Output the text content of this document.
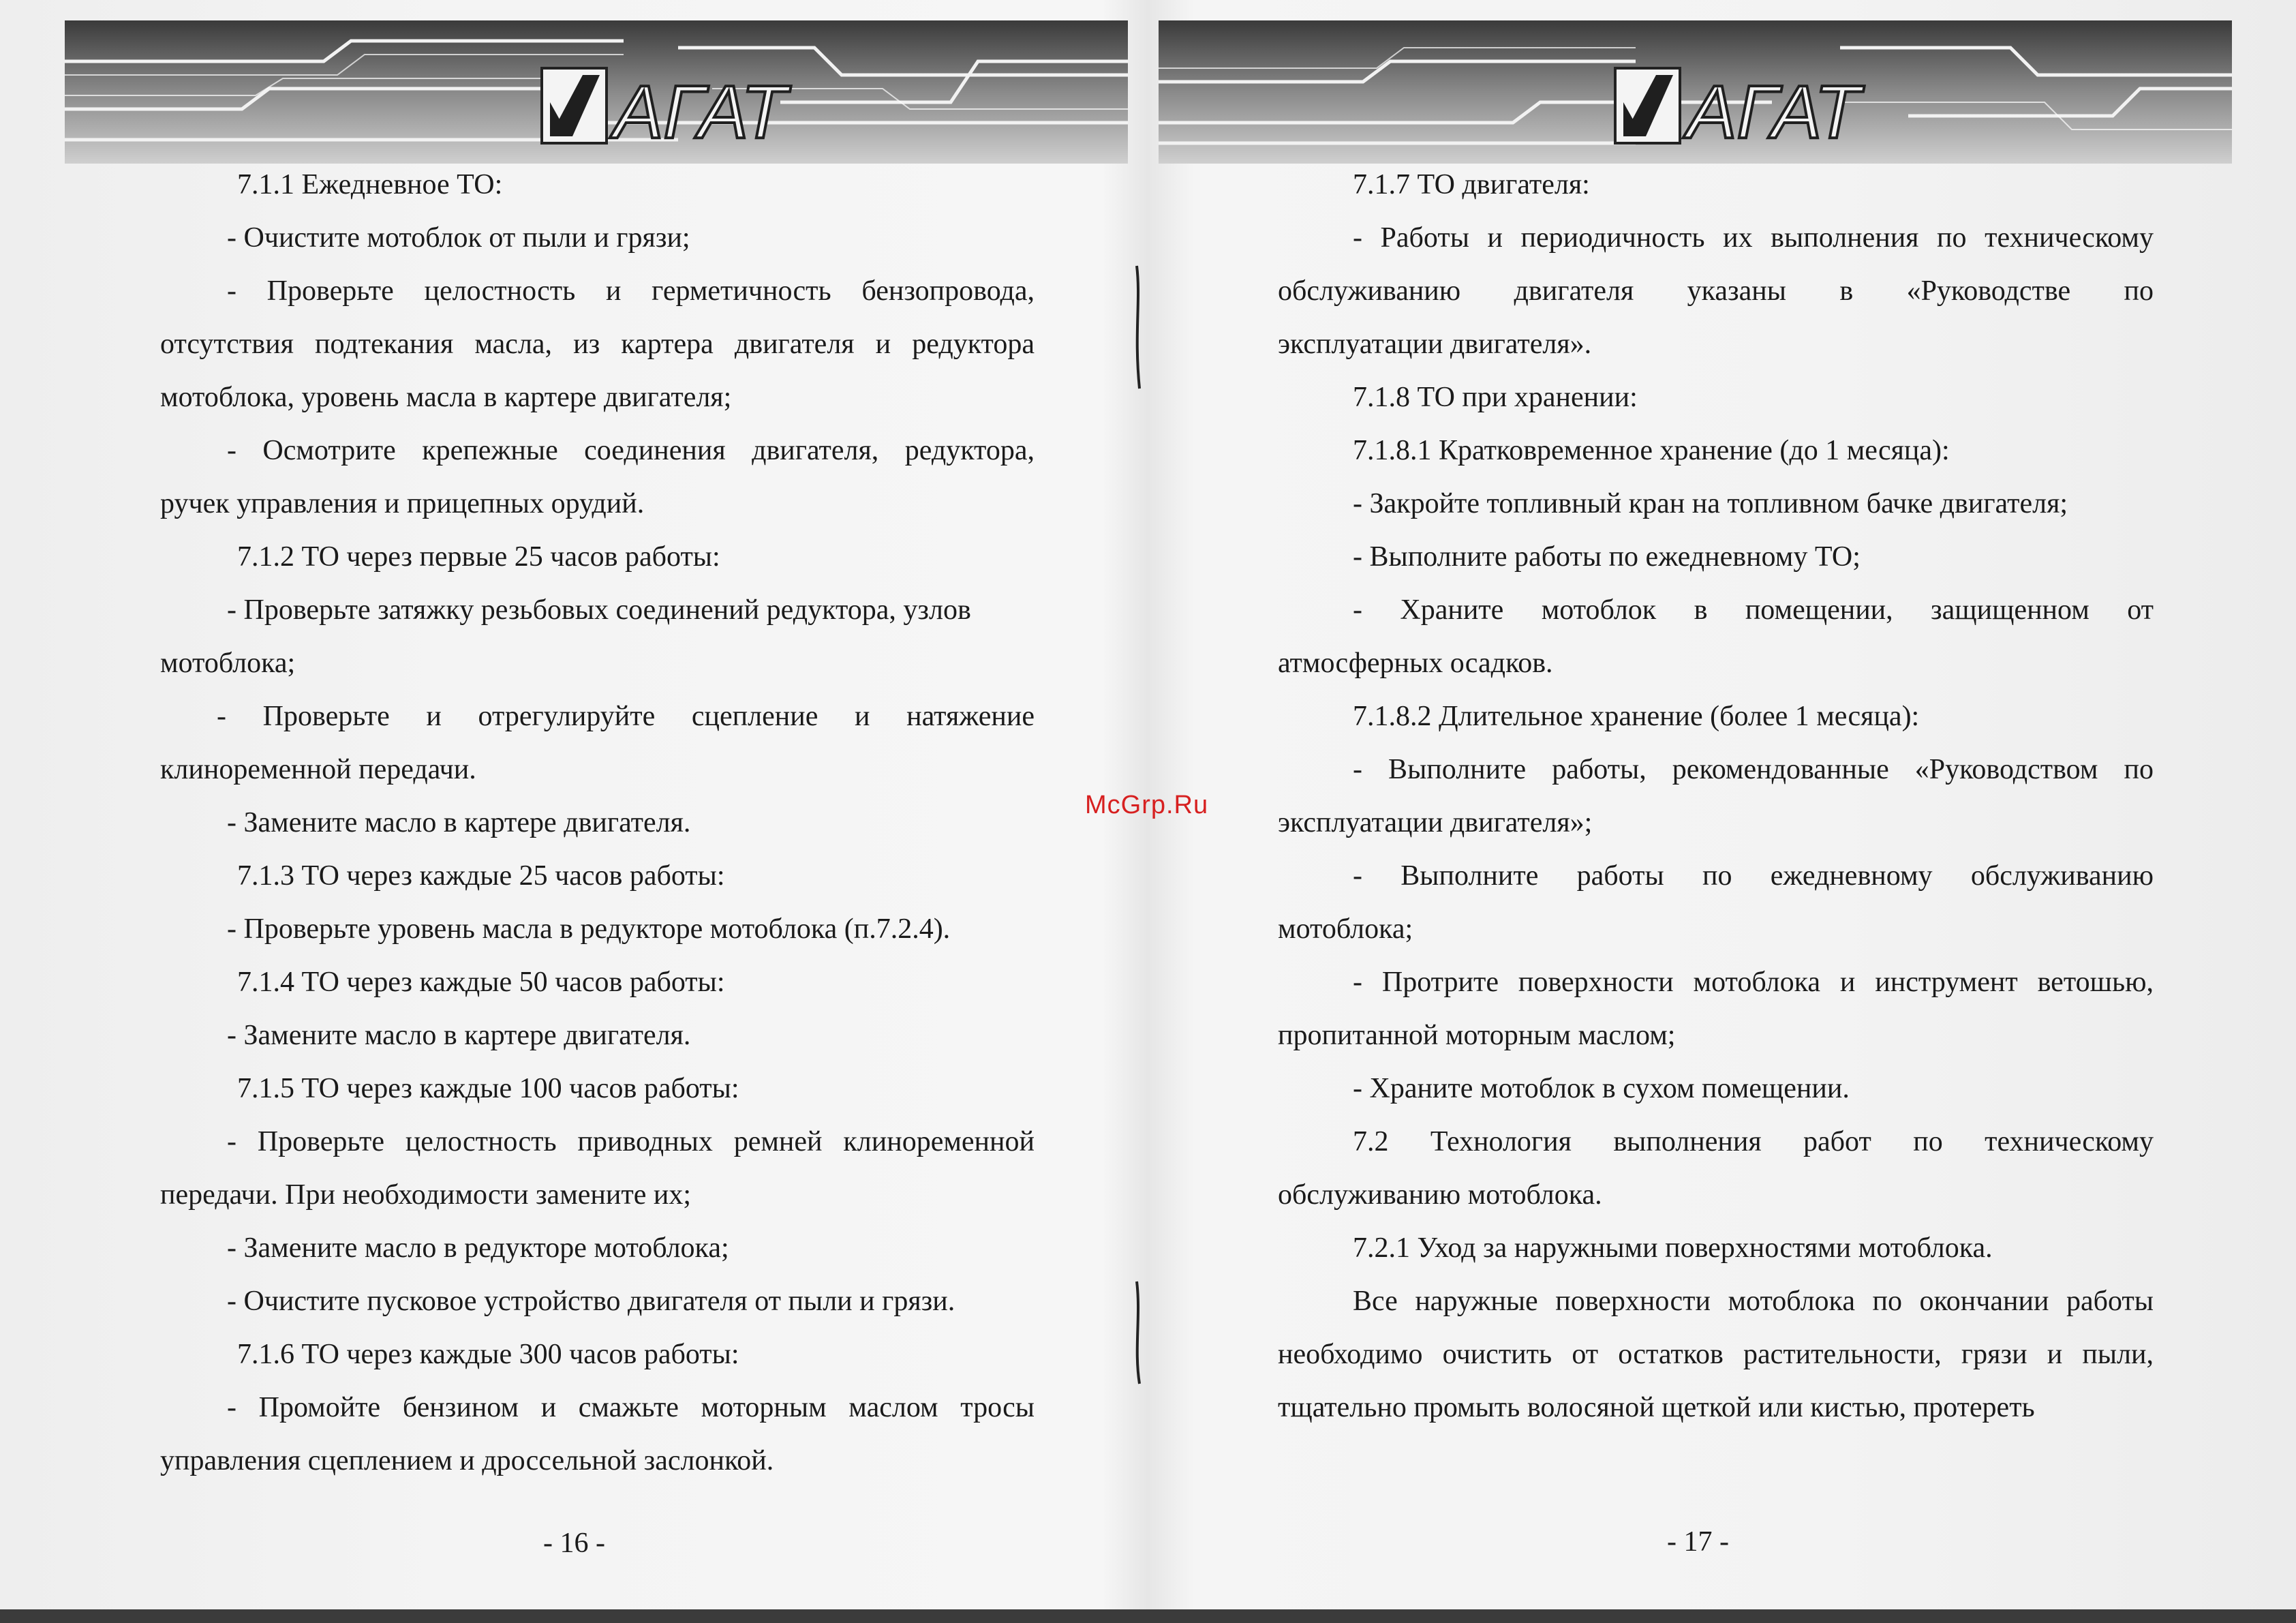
АГАТ	АГАТ
7.1.1 Ежедневное ТО:
- Очистите мотоблок от пыли и грязи;
- Проверьте целостность и герметичность бензопровода,
отсутствия подтекания масла, из картера двигателя и редуктора
мотоблока, уровень масла в картере двигателя;
- Осмотрите крепежные соединения двигателя, редуктора,
ручек управления и прицепных орудий.
7.1.2 ТО через первые 25 часов работы:
- Проверьте затяжку резьбовых соединений редуктора, узлов
мотоблока;
- Проверьте и отрегулируйте сцепление и натяжение
клиноременной передачи.
- Замените масло в картере двигателя.
7.1.3 ТО через каждые 25 часов работы:
- Проверьте уровень масла в редукторе мотоблока (п.7.2.4).
7.1.4 ТО через каждые 50 часов работы:
- Замените масло в картере двигателя.
7.1.5 ТО через каждые 100 часов работы:
- Проверьте целостность приводных ремней клиноременной
передачи. При необходимости замените их;
- Замените масло в редукторе мотоблока;
- Очистите пусковое устройство двигателя от пыли и грязи.
7.1.6 ТО через каждые 300 часов работы:
- Промойте бензином и смажьте моторным маслом тросы
управления сцеплением и дроссельной заслонкой.
- 16 -
7.1.7 ТО двигателя:
- Работы и периодичность их выполнения по техническому
обслуживанию двигателя указаны в «Руководстве по
эксплуатации двигателя».
7.1.8 ТО при хранении:
7.1.8.1 Кратковременное хранение (до 1 месяца):
- Закройте топливный кран на топливном бачке двигателя;
- Выполните работы по ежедневному ТО;
- Храните мотоблок в помещении, защищенном от
атмосферных осадков.
7.1.8.2 Длительное хранение (более 1 месяца):
- Выполните работы, рекомендованные «Руководством по
эксплуатации двигателя»;
- Выполните работы по ежедневному обслуживанию
мотоблока;
- Протрите поверхности мотоблока и инструмент ветошью,
пропитанной моторным маслом;
- Храните мотоблок в сухом помещении.
7.2 Технология выполнения работ по техническому
обслуживанию мотоблока.
7.2.1 Уход за наружными поверхностями мотоблока.
Все наружные поверхности мотоблока по окончании работы
необходимо очистить от остатков растительности, грязи и пыли,
тщательно промыть волосяной щеткой или кистью, протереть
- 17 -
McGrp.Ru
